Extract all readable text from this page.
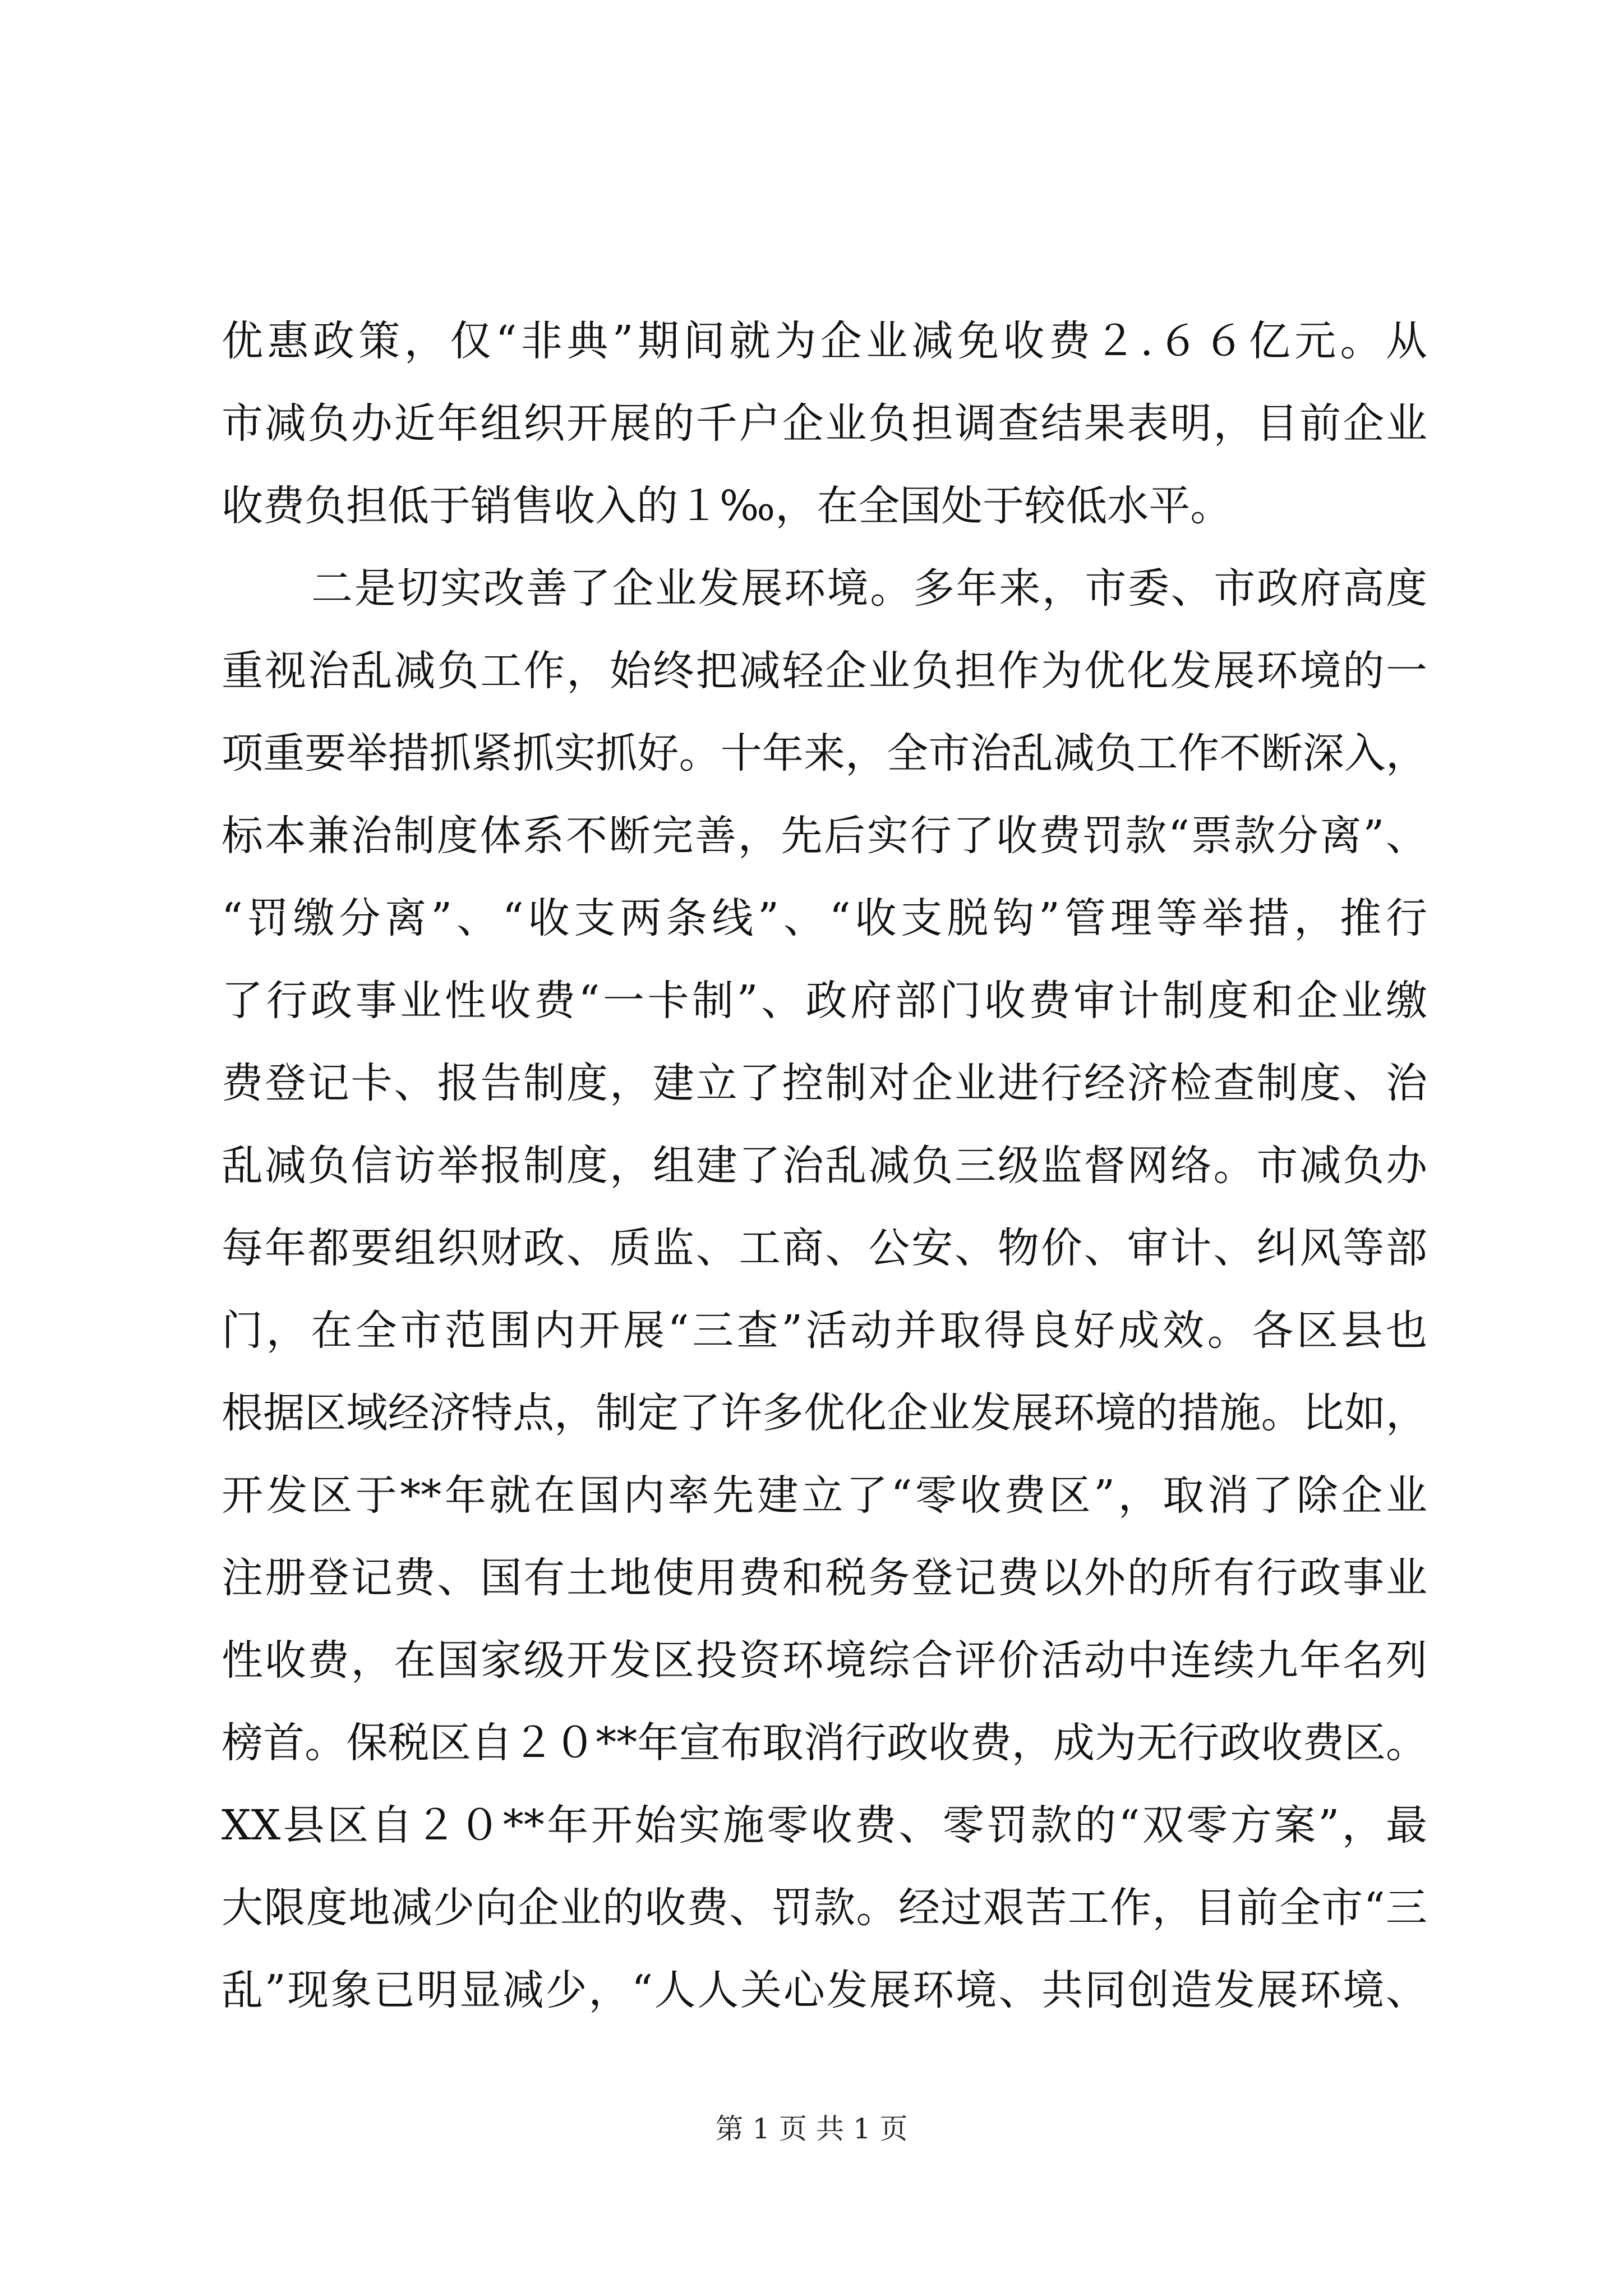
优惠政策，仅“非典”期间就为企业减免收费２.６６亿元。从
市减负办近年组织开展的千户企业负担调查结果表明，目前企业
收费负担低于销售收入的１‰，在全国处于较低水平。
二是切实改善了企业发展环境。多年来，市委、市政府高度
重视治乱减负工作，始终把减轻企业负担作为优化发展环境的一
项重要举措抓紧抓实抓好。十年来，全市治乱减负工作不断深入，
标本兼治制度体系不断完善，先后实行了收费罚款“票款分离”、
“罚缴分离”、“收支两条线”、“收支脱钩”管理等举措，推行
了行政事业性收费“一卡制”、政府部门收费审计制度和企业缴
费登记卡、报告制度，建立了控制对企业进行经济检查制度、治
乱减负信访举报制度，组建了治乱减负三级监督网络。市减负办
每年都要组织财政、质监、工商、公安、物价、审计、纠风等部
门，在全市范围内开展“三查”活动并取得良好成效。各区县也
根据区域经济特点，制定了许多优化企业发展环境的措施。比如，
开发区于**年就在国内率先建立了“零收费区”，取消了除企业
注册登记费、国有土地使用费和税务登记费以外的所有行政事业
性收费，在国家级开发区投资环境综合评价活动中连续九年名列
榜首。保税区自２０**年宣布取消行政收费，成为无行政收费区。
XX县区自２０**年开始实施零收费、零罚款的“双零方案”，最
大限度地减少向企业的收费、罚款。经过艰苦工作，目前全市“三
乱”现象已明显减少，“人人关心发展环境、共同创造发展环境、
第 1 页 共 1 页
